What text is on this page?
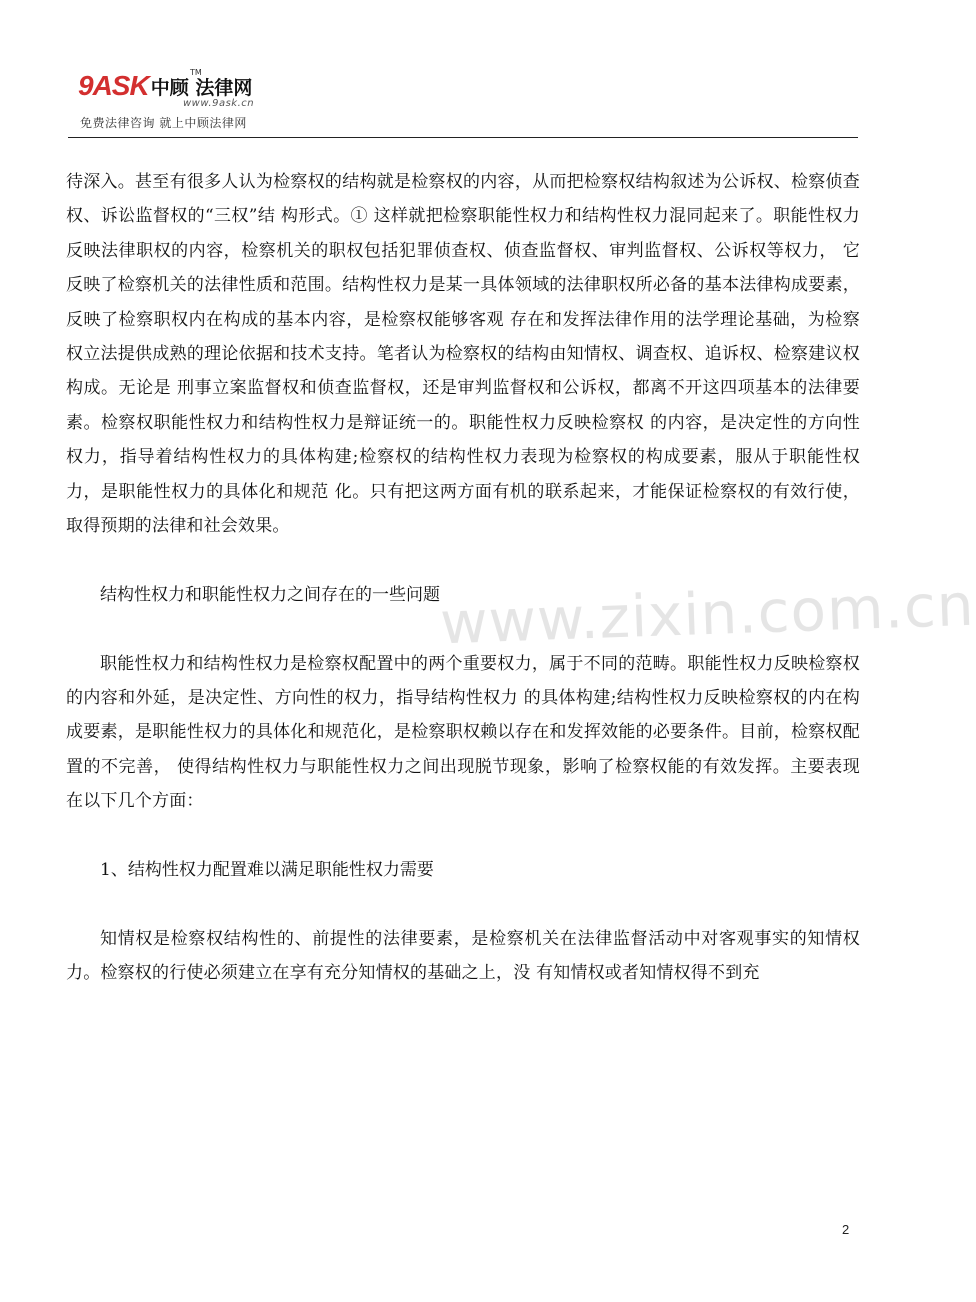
9ASK 中顾 法律网
TM
www.9ask.cn
免费法律咨询 就上中顾法律网
www.zixin.com.cn

待深入。甚至有很多人认为检察权的结构就是检察权的内容，从而把检察权结构叙述为公诉权、检察侦查权、诉讼监督权的“三权”结 构形式。① 这样就把检察职能性权力和结构性权力混同起来了。职能性权力反映法律职权的内容，检察机关的职权包括犯罪侦查权、侦查监督权、审判监督权、公诉权等权力， 它反映了检察机关的法律性质和范围。结构性权力是某一具体领域的法律职权所必备的基本法律构成要素，反映了检察职权内在构成的基本内容，是检察权能够客观 存在和发挥法律作用的法学理论基础，为检察权立法提供成熟的理论依据和技术支持。笔者认为检察权的结构由知情权、调查权、追诉权、检察建议权构成。无论是 刑事立案监督权和侦查监督权，还是审判监督权和公诉权，都离不开这四项基本的法律要素。检察权职能性权力和结构性权力是辩证统一的。职能性权力反映检察权 的内容，是决定性的方向性权力，指导着结构性权力的具体构建;检察权的结构性权力表现为检察权的构成要素，服从于职能性权力，是职能性权力的具体化和规范 化。只有把这两方面有机的联系起来，才能保证检察权的有效行使，取得预期的法律和社会效果。

结构性权力和职能性权力之间存在的一些问题

职能性权力和结构性权力是检察权配置中的两个重要权力，属于不同的范畴。职能性权力反映检察权的内容和外延，是决定性、方向性的权力，指导结构性权力 的具体构建;结构性权力反映检察权的内在构成要素，是职能性权力的具体化和规范化，是检察职权赖以存在和发挥效能的必要条件。目前，检察权配置的不完善， 使得结构性权力与职能性权力之间出现脱节现象，影响了检察权能的有效发挥。主要表现在以下几个方面：

1、结构性权力配置难以满足职能性权力需要

知情权是检察权结构性的、前提性的法律要素，是检察机关在法律监督活动中对客观事实的知情权力。检察权的行使必须建立在享有充分知情权的基础之上，没 有知情权或者知情权得不到充

2
